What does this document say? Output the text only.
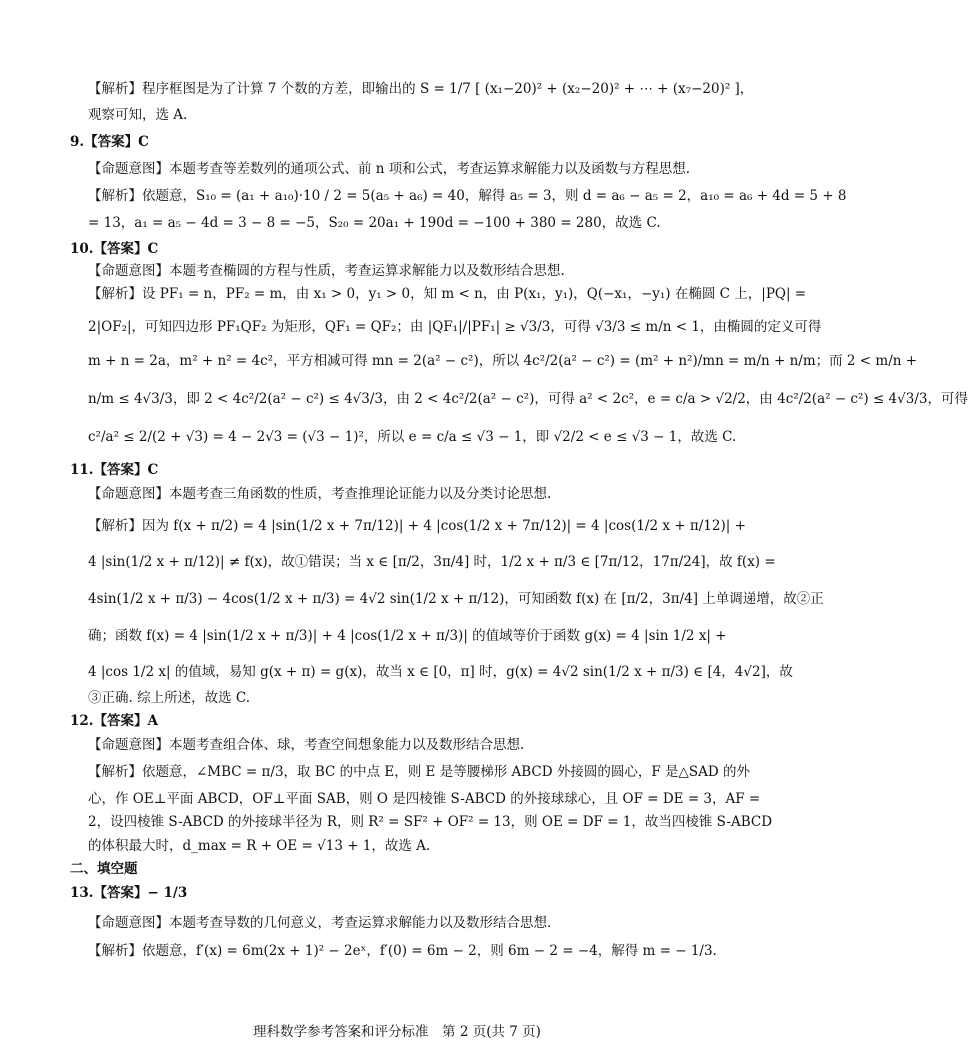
【解析】程序框图是为了计算 7 个数的方差，即输出的 S = 1/7 [ (x₁−20)² + (x₂−20)² + ⋯ + (x₇−20)² ]，
观察可知，选 A.
9.【答案】C
【命题意图】本题考查等差数列的通项公式、前 n 项和公式，考查运算求解能力以及函数与方程思想.
【解析】依题意，S₁₀ = (a₁ + a₁₀)·10 / 2 = 5(a₅ + a₆) = 40，解得 a₅ = 3，则 d = a₆ − a₅ = 2，a₁₀ = a₆ + 4d = 5 + 8
= 13，a₁ = a₅ − 4d = 3 − 8 = −5，S₂₀ = 20a₁ + 190d = −100 + 380 = 280，故选 C.
10.【答案】C
【命题意图】本题考查椭圆的方程与性质，考查运算求解能力以及数形结合思想.
【解析】设 PF₁ = n，PF₂ = m，由 x₁ > 0，y₁ > 0，知 m < n，由 P(x₁，y₁)，Q(−x₁，−y₁) 在椭圆 C 上，|PQ| =
2|OF₂|，可知四边形 PF₁QF₂ 为矩形，QF₁ = QF₂；由 |QF₁|/|PF₁| ≥ √3/3，可得 √3/3 ≤ m/n < 1，由椭圆的定义可得
m + n = 2a，m² + n² = 4c²，平方相减可得 mn = 2(a² − c²)，所以 4c²/2(a² − c²) = (m² + n²)/mn = m/n + n/m；而 2 < m/n +
n/m ≤ 4√3/3，即 2 < 4c²/2(a² − c²) ≤ 4√3/3，由 2 < 4c²/2(a² − c²)，可得 a² < 2c²，e = c/a > √2/2，由 4c²/2(a² − c²) ≤ 4√3/3，可得
c²/a² ≤ 2/(2 + √3) = 4 − 2√3 = (√3 − 1)²，所以 e = c/a ≤ √3 − 1，即 √2/2 < e ≤ √3 − 1，故选 C.
11.【答案】C
【命题意图】本题考查三角函数的性质，考查推理论证能力以及分类讨论思想.
【解析】因为 f(x + π/2) = 4 |sin(1/2 x + 7π/12)| + 4 |cos(1/2 x + 7π/12)| = 4 |cos(1/2 x + π/12)| +
4 |sin(1/2 x + π/12)| ≠ f(x)，故①错误；当 x ∈ [π/2，3π/4] 时，1/2 x + π/3 ∈ [7π/12，17π/24]，故 f(x) =
4sin(1/2 x + π/3) − 4cos(1/2 x + π/3) = 4√2 sin(1/2 x + π/12)，可知函数 f(x) 在 [π/2，3π/4] 上单调递增，故②正
确；函数 f(x) = 4 |sin(1/2 x + π/3)| + 4 |cos(1/2 x + π/3)| 的值域等价于函数 g(x) = 4 |sin 1/2 x| +
4 |cos 1/2 x| 的值域，易知 g(x + π) = g(x)，故当 x ∈ [0，π] 时，g(x) = 4√2 sin(1/2 x + π/3) ∈ [4，4√2]，故
③正确. 综上所述，故选 C.
12.【答案】A
【命题意图】本题考查组合体、球，考查空间想象能力以及数形结合思想.
【解析】依题意，∠MBC = π/3，取 BC 的中点 E，则 E 是等腰梯形 ABCD 外接圆的圆心，F 是△SAD 的外
心，作 OE⊥平面 ABCD，OF⊥平面 SAB，则 O 是四棱锥 S-ABCD 的外接球球心，且 OF = DE = 3，AF =
2，设四棱锥 S-ABCD 的外接球半径为 R，则 R² = SF² + OF² = 13，则 OE = DF = 1，故当四棱锥 S-ABCD
的体积最大时，d_max = R + OE = √13 + 1，故选 A.
二、填空题
13.【答案】− 1/3
【命题意图】本题考查导数的几何意义，考查运算求解能力以及数形结合思想.
【解析】依题意，f′(x) = 6m(2x + 1)² − 2eˣ，f′(0) = 6m − 2，则 6m − 2 = −4，解得 m = − 1/3.
理科数学参考答案和评分标准　第 2 页(共 7 页)
